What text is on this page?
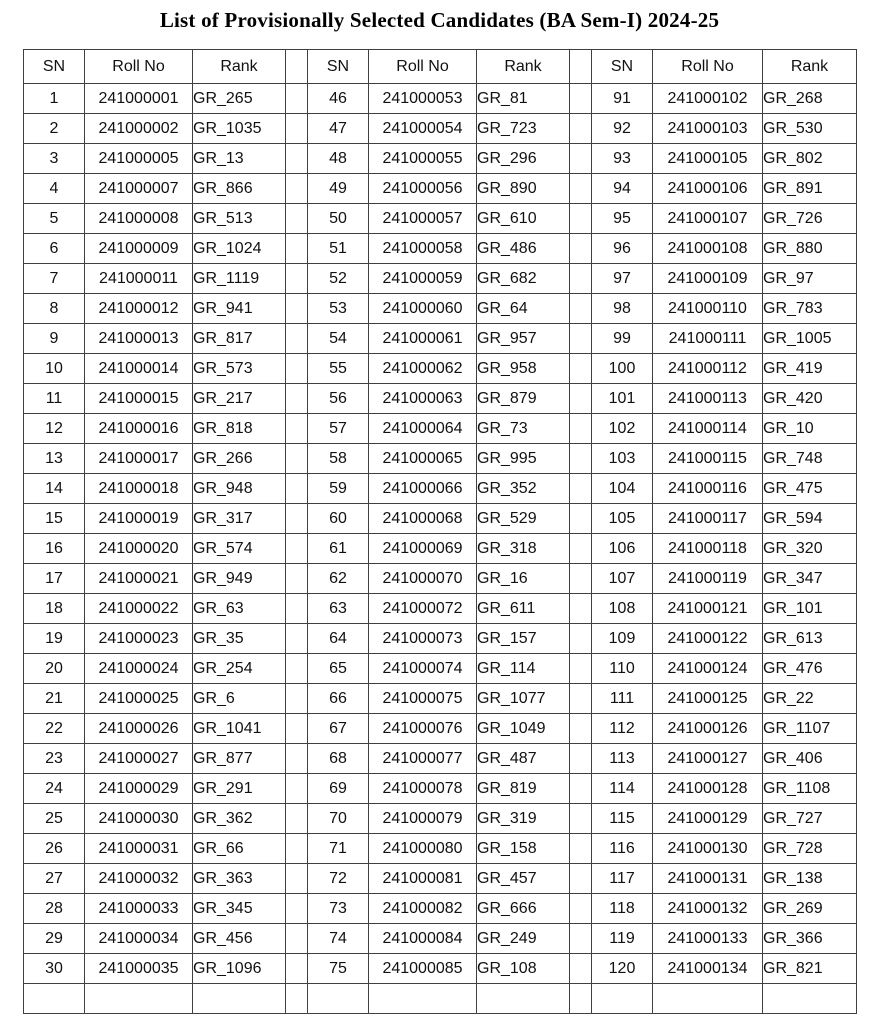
List of Provisionally Selected Candidates (BA Sem-I) 2024-25
SN	Roll No	Rank		SN	Roll No	Rank		SN	Roll No	Rank
1	241000001	GR_265		46	241000053	GR_81		91	241000102	GR_268
2	241000002	GR_1035		47	241000054	GR_723		92	241000103	GR_530
3	241000005	GR_13		48	241000055	GR_296		93	241000105	GR_802
4	241000007	GR_866		49	241000056	GR_890		94	241000106	GR_891
5	241000008	GR_513		50	241000057	GR_610		95	241000107	GR_726
6	241000009	GR_1024		51	241000058	GR_486		96	241000108	GR_880
7	241000011	GR_1119		52	241000059	GR_682		97	241000109	GR_97
8	241000012	GR_941		53	241000060	GR_64		98	241000110	GR_783
9	241000013	GR_817		54	241000061	GR_957		99	241000111	GR_1005
10	241000014	GR_573		55	241000062	GR_958		100	241000112	GR_419
11	241000015	GR_217		56	241000063	GR_879		101	241000113	GR_420
12	241000016	GR_818		57	241000064	GR_73		102	241000114	GR_10
13	241000017	GR_266		58	241000065	GR_995		103	241000115	GR_748
14	241000018	GR_948		59	241000066	GR_352		104	241000116	GR_475
15	241000019	GR_317		60	241000068	GR_529		105	241000117	GR_594
16	241000020	GR_574		61	241000069	GR_318		106	241000118	GR_320
17	241000021	GR_949		62	241000070	GR_16		107	241000119	GR_347
18	241000022	GR_63		63	241000072	GR_611		108	241000121	GR_101
19	241000023	GR_35		64	241000073	GR_157		109	241000122	GR_613
20	241000024	GR_254		65	241000074	GR_114		110	241000124	GR_476
21	241000025	GR_6		66	241000075	GR_1077		111	241000125	GR_22
22	241000026	GR_1041		67	241000076	GR_1049		112	241000126	GR_1107
23	241000027	GR_877		68	241000077	GR_487		113	241000127	GR_406
24	241000029	GR_291		69	241000078	GR_819		114	241000128	GR_1108
25	241000030	GR_362		70	241000079	GR_319		115	241000129	GR_727
26	241000031	GR_66		71	241000080	GR_158		116	241000130	GR_728
27	241000032	GR_363		72	241000081	GR_457		117	241000131	GR_138
28	241000033	GR_345		73	241000082	GR_666		118	241000132	GR_269
29	241000034	GR_456		74	241000084	GR_249		119	241000133	GR_366
30	241000035	GR_1096		75	241000085	GR_108		120	241000134	GR_821
